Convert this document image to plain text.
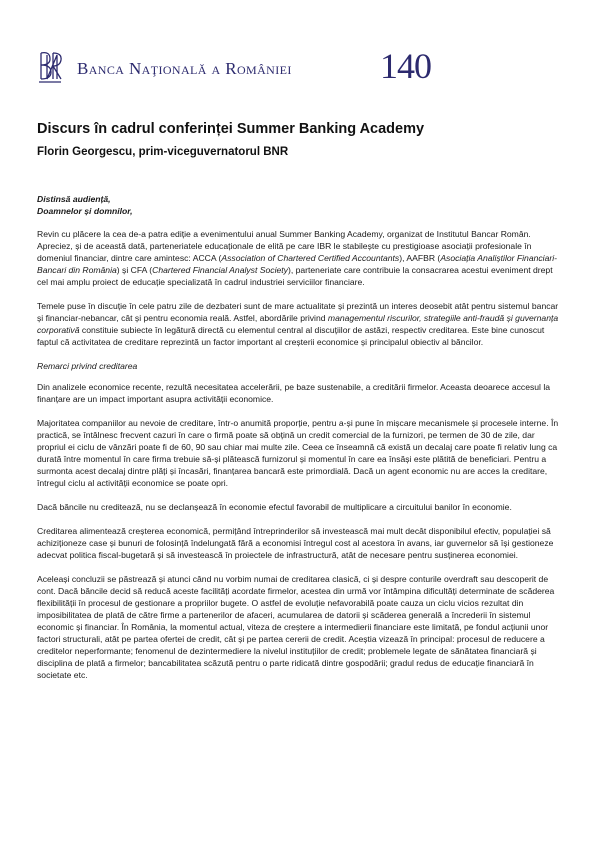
Banca Naţională a României 140
Discurs în cadrul conferinței Summer Banking Academy
Florin Georgescu, prim-viceguvernatorul BNR
Distinsă audiență,
Doamnelor și domnilor,

Revin cu plăcere la cea de-a patra ediție a evenimentului anual Summer Banking Academy, organizat de Institutul Bancar Român. Apreciez, și de această dată, parteneriatele educaționale de elită pe care IBR le stabilește cu prestigioase asociații profesionale în domeniul financiar, dintre care amintesc: ACCA (Association of Chartered Certified Accountants), AAFBR (Asociația Analiștilor Financiari-Bancari din România) și CFA (Chartered Financial Analyst Society), parteneriate care contribuie la consacrarea acestui eveniment drept cel mai amplu proiect de educație specializată în cadrul industriei serviciilor financiare.

Temele puse în discuție în cele patru zile de dezbateri sunt de mare actualitate și prezintă un interes deosebit atât pentru sistemul bancar și financiar-nebancar, cât și pentru economia reală. Astfel, abordările privind managementul riscurilor, strategiile anti-fraudă și guvernanța corporativă constituie subiecte în legătură directă cu elementul central al discuțiilor de astăzi, respectiv creditarea. Este bine cunoscut faptul că activitatea de creditare reprezintă un factor important al creșterii economice și principalul obiectiv al băncilor.

Remarci privind creditarea

Din analizele economice recente, rezultă necesitatea accelerării, pe baze sustenabile, a creditării firmelor. Aceasta deoarece accesul la finanțare are un impact important asupra activității economice.

Majoritatea companiilor au nevoie de creditare, într-o anumită proporție, pentru a-și pune în mișcare mecanismele și procesele interne. În practică, se întâlnesc frecvent cazuri în care o firmă poate să obțină un credit comercial de la furnizori, pe termen de 30 de zile, dar propriul ei ciclu de vânzări poate fi de 60, 90 sau chiar mai multe zile. Ceea ce înseamnă că există un decalaj care poate fi relativ lung ca durată între momentul în care firma trebuie să-și plătească furnizorul și momentul în care ea însăși este plătită de beneficiari. Pentru a surmonta acest decalaj dintre plăți și încasări, finanțarea bancară este primordială. Dacă un agent economic nu are acces la creditare, întregul ciclu al activității economice se poate opri.

Dacă băncile nu creditează, nu se declanșează în economie efectul favorabil de multiplicare a circuitului banilor în economie.

Creditarea alimentează creșterea economică, permițând întreprinderilor să investească mai mult decât disponibilul efectiv, populației să achiziționeze case și bunuri de folosință îndelungată fără a economisi întregul cost al acestora în avans, iar guvernelor să își gestioneze adecvat politica fiscal-bugetară și să investească în proiectele de infrastructură, atât de necesare pentru susținerea economiei.

Aceleași concluzii se păstrează și atunci când nu vorbim numai de creditarea clasică, ci și despre conturile overdraft sau descoperit de cont. Dacă băncile decid să reducă aceste facilități acordate firmelor, acestea din urmă vor întâmpina dificultăți determinate de scăderea flexibilității în procesul de gestionare a propriilor bugete. O astfel de evoluție nefavorabilă poate cauza un ciclu vicios rezultat din imposibilitatea de plată de către firme a partenerilor de afaceri, acumularea de datorii și scăderea generală a încrederii în sistemul economic și financiar. În România, la momentul actual, viteza de creștere a intermedierii financiare este limitată, pe fondul acțiunii unor factori structurali, atât pe partea ofertei de credit, cât și pe partea cererii de credit. Aceștia vizează în principal: procesul de reducere a creditelor neperformante; fenomenul de dezintermediere la nivelul instituțiilor de credit; problemele legate de sănătatea financiară și disciplina de plată a firmelor; bancabilitatea scăzută pentru o parte ridicată dintre gospodării; gradul redus de educație financiară în societate etc.
